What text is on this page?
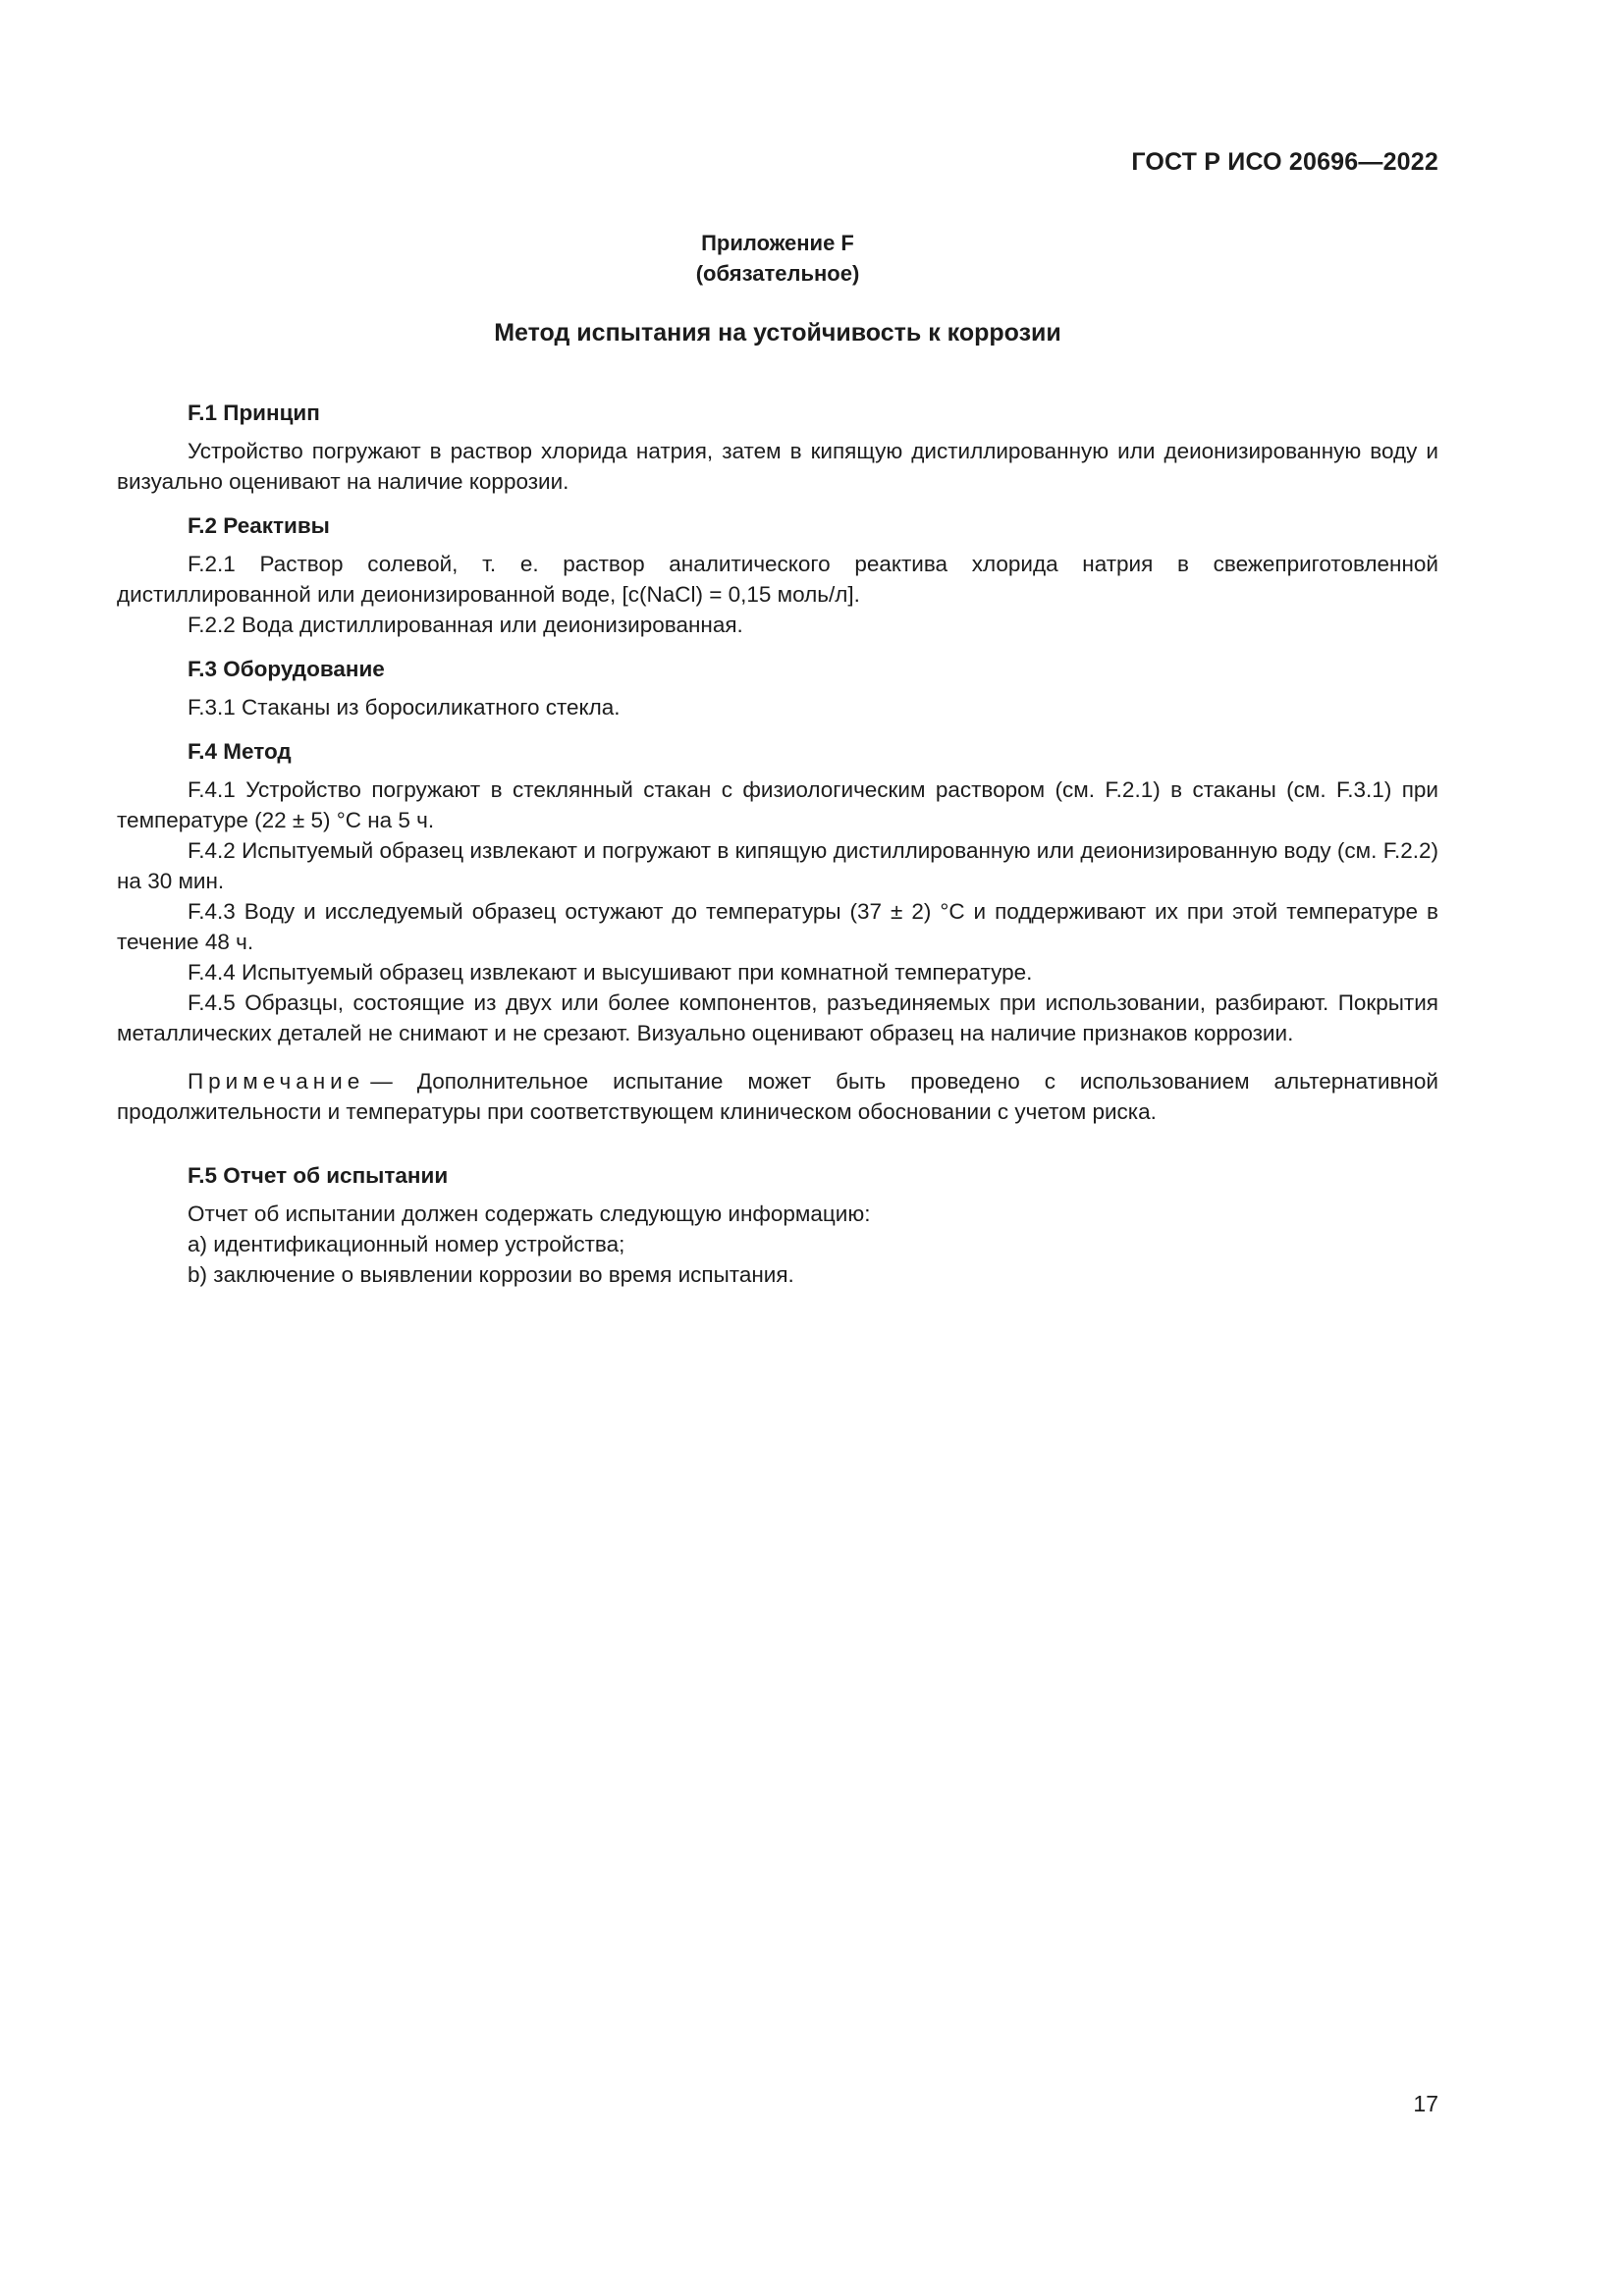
ГОСТ Р ИСО 20696—2022
Приложение F
(обязательное)
Метод испытания на устойчивость к коррозии
F.1 Принцип

Устройство погружают в раствор хлорида натрия, затем в кипящую дистиллированную или деионизированную воду и визуально оценивают на наличие коррозии.

F.2 Реактивы

F.2.1 Раствор солевой, т. е. раствор аналитического реактива хлорида натрия в свежеприготовленной дистиллированной или деионизированной воде, [c(NaCl) = 0,15 моль/л].

F.2.2 Вода дистиллированная или деионизированная.

F.3 Оборудование

F.3.1 Стаканы из боросиликатного стекла.

F.4 Метод

F.4.1 Устройство погружают в стеклянный стакан с физиологическим раствором (см. F.2.1) в стаканы (см. F.3.1) при температуре (22 ± 5) °C на 5 ч.

F.4.2 Испытуемый образец извлекают и погружают в кипящую дистиллированную или деионизированную воду (см. F.2.2) на 30 мин.

F.4.3 Воду и исследуемый образец остужают до температуры (37 ± 2) °C и поддерживают их при этой температуре в течение 48 ч.

F.4.4 Испытуемый образец извлекают и высушивают при комнатной температуре.

F.4.5 Образцы, состоящие из двух или более компонентов, разъединяемых при использовании, разбирают. Покрытия металлических деталей не снимают и не срезают. Визуально оценивают образец на наличие признаков коррозии.

Примечание — Дополнительное испытание может быть проведено с использованием альтернативной продолжительности и температуры при соответствующем клиническом обосновании с учетом риска.

F.5 Отчет об испытании
Отчет об испытании должен содержать следующую информацию:
a) идентификационный номер устройства;
b) заключение о выявлении коррозии во время испытания.
17
